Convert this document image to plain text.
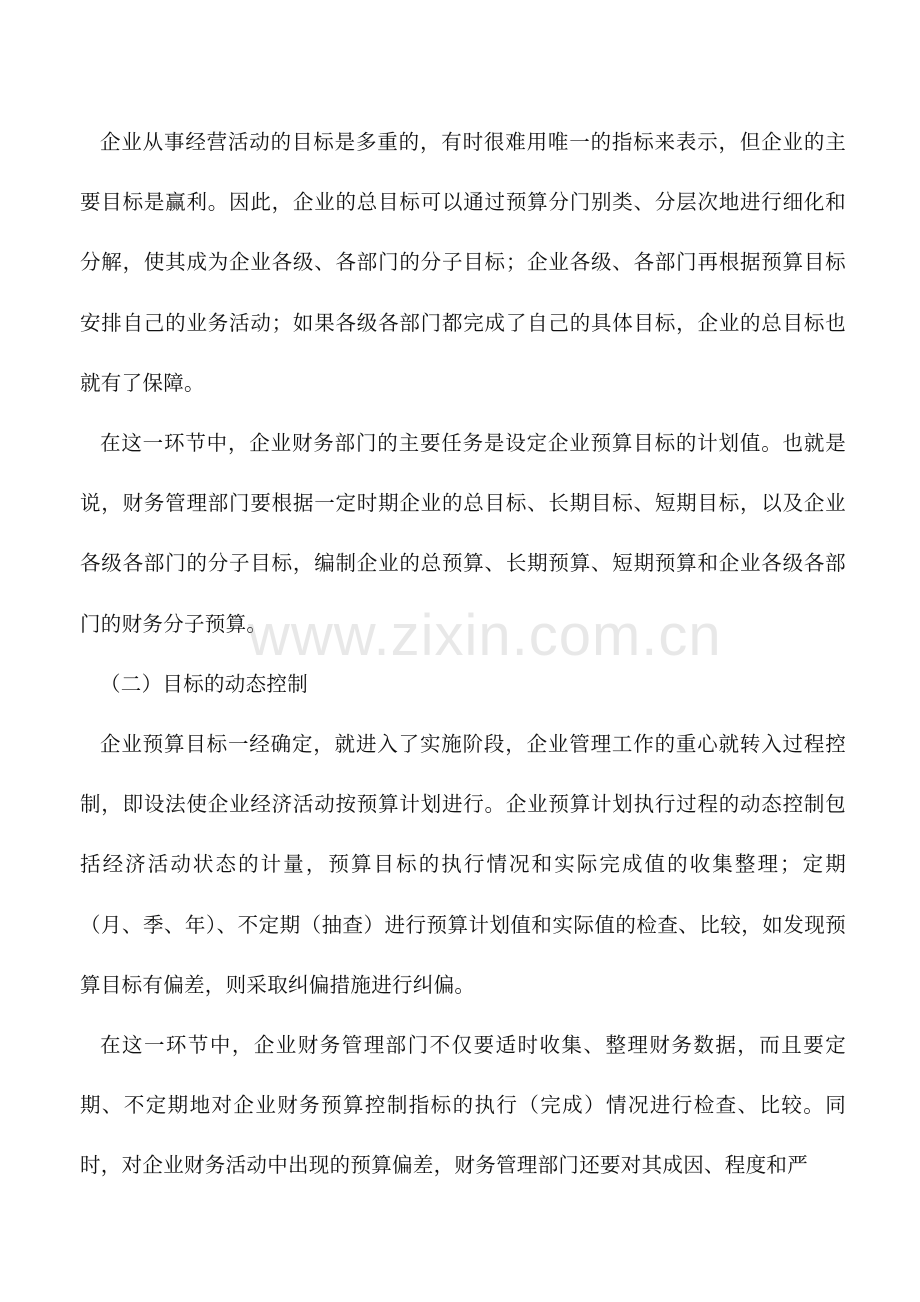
企业从事经营活动的目标是多重的，有时很难用唯一的指标来表示，但企业的主要目标是赢利。因此，企业的总目标可以通过预算分门别类、分层次地进行细化和分解，使其成为企业各级、各部门的分子目标；企业各级、各部门再根据预算目标安排自己的业务活动；如果各级各部门都完成了自己的具体目标，企业的总目标也就有了保障。

在这一环节中，企业财务部门的主要任务是设定企业预算目标的计划值。也就是说，财务管理部门要根据一定时期企业的总目标、长期目标、短期目标，以及企业各级各部门的分子目标，编制企业的总预算、长期预算、短期预算和企业各级各部门的财务分子预算。

（二）目标的动态控制

企业预算目标一经确定，就进入了实施阶段，企业管理工作的重心就转入过程控制，即设法使企业经济活动按预算计划进行。企业预算计划执行过程的动态控制包括经济活动状态的计量，预算目标的执行情况和实际完成值的收集整理；定期（月、季、年）、不定期（抽查）进行预算计划值和实际值的检查、比较，如发现预算目标有偏差，则采取纠偏措施进行纠偏。

在这一环节中，企业财务管理部门不仅要适时收集、整理财务数据，而且要定期、不定期地对企业财务预算控制指标的执行（完成）情况进行检查、比较。同时，对企业财务活动中出现的预算偏差，财务管理部门还要对其成因、程度和严

www.zixin.com.cn
